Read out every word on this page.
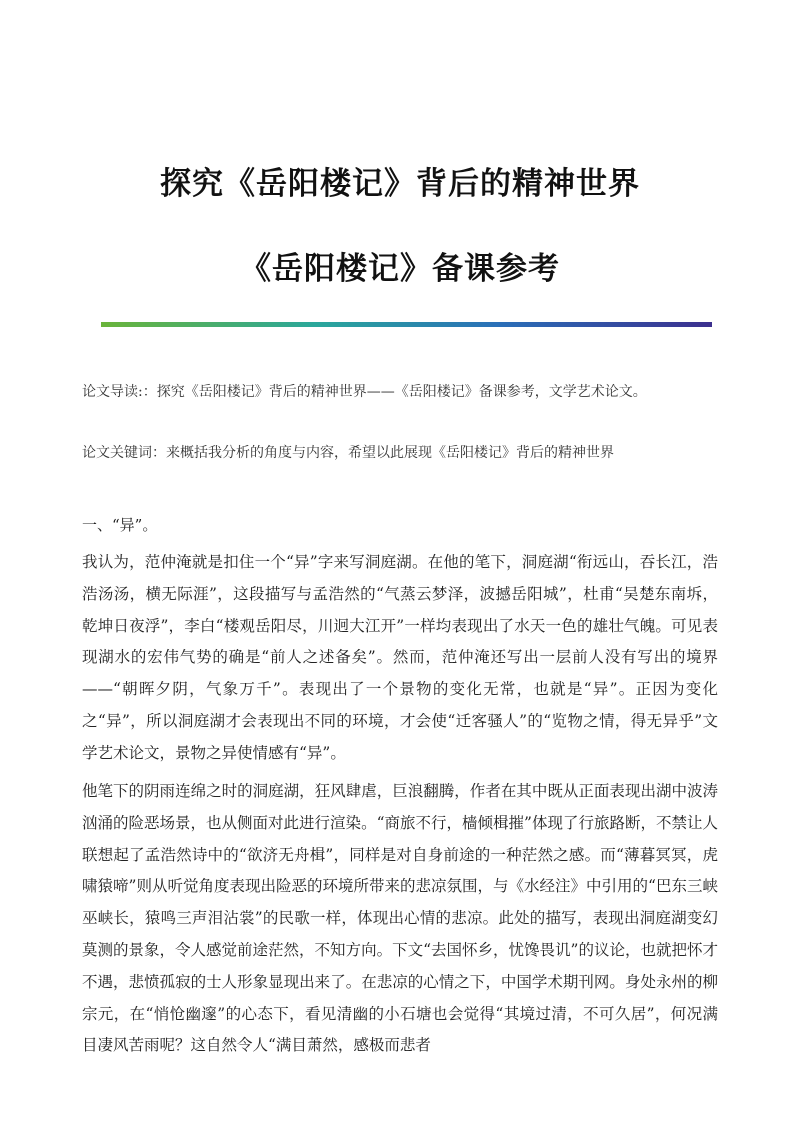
探究《岳阳楼记》背后的精神世界
《岳阳楼记》备课参考

论文导读:：探究《岳阳楼记》背后的精神世界——《岳阳楼记》备课参考，文学艺术论文。

论文关键词：来概括我分析的角度与内容，希望以此展现《岳阳楼记》背后的精神世界

一、“异”。

我认为，范仲淹就是扣住一个“异”字来写洞庭湖。在他的笔下，洞庭湖“衔远山，吞长江，浩浩汤汤，横无际涯”，这段描写与孟浩然的“气蒸云梦泽，波撼岳阳城”，杜甫“吴楚东南坼，乾坤日夜浮”，李白“楼观岳阳尽，川迥大江开”一样均表现出了水天一色的雄壮气魄。可见表现湖水的宏伟气势的确是“前人之述备矣”。然而，范仲淹还写出一层前人没有写出的境界——“朝晖夕阴，气象万千”。表现出了一个景物的变化无常，也就是“异”。正因为变化之“异”，所以洞庭湖才会表现出不同的环境，才会使“迁客骚人”的“览物之情，得无异乎”文学艺术论文，景物之异使情感有“异”。

他笔下的阴雨连绵之时的洞庭湖，狂风肆虐，巨浪翻腾，作者在其中既从正面表现出湖中波涛汹涌的险恶场景，也从侧面对此进行渲染。“商旅不行，樯倾楫摧”体现了行旅路断，不禁让人联想起了孟浩然诗中的“欲济无舟楫”，同样是对自身前途的一种茫然之感。而“薄暮冥冥，虎啸猿啼”则从听觉角度表现出险恶的环境所带来的悲凉氛围，与《水经注》中引用的“巴东三峡巫峡长，猿鸣三声泪沾裳”的民歌一样，体现出心情的悲凉。此处的描写，表现出洞庭湖变幻莫测的景象，令人感觉前途茫然，不知方向。下文“去国怀乡，忧馋畏讥”的议论，也就把怀才不遇，悲愤孤寂的士人形象显现出来了。在悲凉的心情之下，中国学术期刊网。身处永州的柳宗元，在“悄怆幽邃”的心态下，看见清幽的小石塘也会觉得“其境过清，不可久居”，何况满目凄风苦雨呢？这自然令人“满目萧然，感极而悲者
